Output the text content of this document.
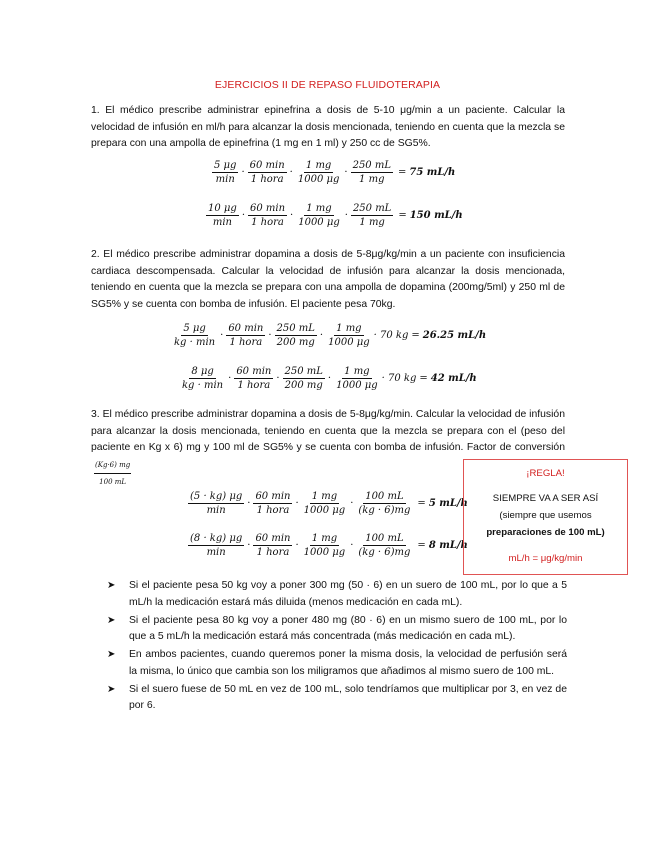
EJERCICIOS II DE REPASO FLUIDOTERAPIA
1. El médico prescribe administrar epinefrina a dosis de 5-10 μg/min a un paciente. Calcular la velocidad de infusión en ml/h para alcanzar la dosis mencionada, teniendo en cuenta que la mezcla se prepara con una ampolla de epinefrina (1 mg en 1 ml) y 250 cc de SG5%.
$\frac{5 \mu g}{\min} \cdot \frac{60 \min}{\text{1 hora}} \cdot \frac{1 mg}{1000 \mu g} \cdot \frac{250 mL}{1 mg} = 75$ mL/h
$\frac{10 \mu g}{\min} \cdot \frac{60 \min}{\text{1 hora}} \cdot \frac{1 mg}{1000 \mu g} \cdot \frac{250 mL}{1 mg} = 150$ mL/h
2. El médico prescribe administrar dopamina a dosis de 5-8μg/kg/min a un paciente con insuficiencia cardiaca descompensada. Calcular la velocidad de infusión para alcanzar la dosis mencionada, teniendo en cuenta que la mezcla se prepara con una ampolla de dopamina (200mg/5ml) y 250 ml de SG5% y se cuenta con bomba de infusión. El paciente pesa 70kg.
$\frac{5 \mu g}{kg \cdot \min} \cdot \frac{60 \min}{\text{1 hora}} \cdot \frac{250 mL}{200 mg} \cdot \frac{1 mg}{1000 \mu g} \cdot 70$ kg = 26.25 mL/h
$\frac{8 \mu g}{kg \cdot \min} \cdot \frac{60 \min}{\text{1 hora}} \cdot \frac{250 mL}{200 mg} \cdot \frac{1 mg}{1000 \mu g} \cdot 70$ kg = 42 mL/h
3. El médico prescribe administrar dopamina a dosis de 5-8μg/kg/min. Calcular la velocidad de infusión para alcanzar la dosis mencionada, teniendo en cuenta que la mezcla se prepara con el (peso del paciente en Kg x 6) mg y 100 ml de SG5% y se cuenta con bomba de infusión. Factor de conversión
$\frac{(Kg\cdot 6) mg}{100 mL}$
$\frac{(5 \cdot kg) \mu g}{\min} \cdot \frac{60 \min}{\text{1 hora}} \cdot \frac{1 mg}{1000 \mu g} \cdot \frac{100 mL}{(kg \cdot 6)mg} = 5$ mL/h
$\frac{(8 \cdot kg) \mu g}{\min} \cdot \frac{60 \min}{\text{1 hora}} \cdot \frac{1 mg}{1000 \mu g} \cdot \frac{100 mL}{(kg \cdot 6)mg} = 8$ mL/h
¡REGLA!
SIEMPRE VA A SER ASÍ
(siempre que usemos
preparaciones de 100 mL)
mL/h = μg/kg/min
➤ Si el paciente pesa 50 kg voy a poner 300 mg (50 · 6) en un suero de 100 mL, por lo que a 5 mL/h la medicación estará más diluida (menos medicación en cada mL).
➤ Si el paciente pesa 80 kg voy a poner 480 mg (80 · 6) en un mismo suero de 100 mL, por lo que a 5 mL/h la medicación estará más concentrada (más medicación en cada mL).
➤ En ambos pacientes, cuando queremos poner la misma dosis, la velocidad de perfusión será la misma, lo único que cambia son los miligramos que añadimos al mismo suero de 100 mL.
➤ Si el suero fuese de 50 mL en vez de 100 mL, solo tendríamos que multiplicar por 3, en vez de por 6.
